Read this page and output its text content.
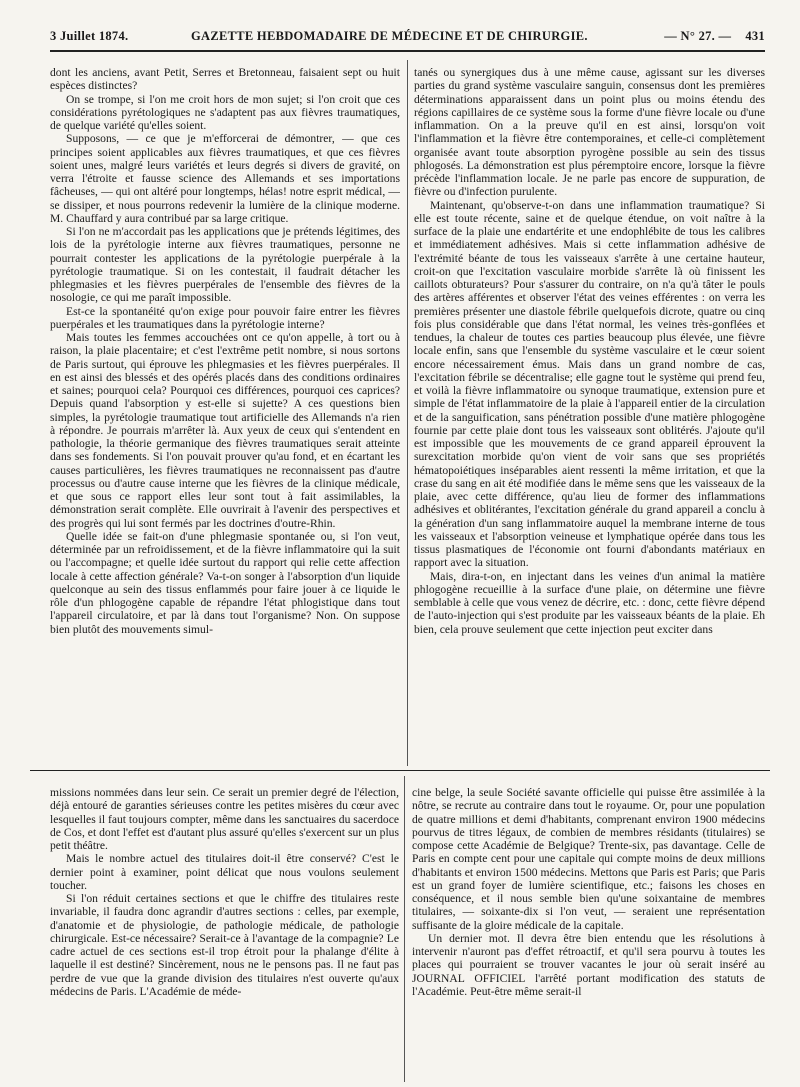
3 Juillet 1874.	GAZETTE HEBDOMADAIRE DE MÉDECINE ET DE CHIRURGIE.	— N° 27. — 431

dont les anciens, avant Petit, Serres et Bretonneau, faisaient sept ou huit espèces distinctes?

On se trompe, si l'on me croit hors de mon sujet; si l'on croit que ces considérations pyrétologiques ne s'adaptent pas aux fièvres traumatiques, de quelque variété qu'elles soient.

Supposons, — ce que je m'efforcerai de démontrer, — que ces principes soient applicables aux fièvres traumatiques, et que ces fièvres soient unes, malgré leurs variétés et leurs degrés si divers de gravité, on verra l'étroite et fausse science des Allemands et ses importations fâcheuses, — qui ont altéré pour longtemps, hélas! notre esprit médical, — se dissiper, et nous pourrons redevenir la lumière de la clinique moderne. M. Chauffard y aura contribué par sa large critique.

Si l'on ne m'accordait pas les applications que je prétends légitimes, des lois de la pyrétologie interne aux fièvres traumatiques, personne ne pourrait contester les applications de la pyrétologie puerpérale à la pyrétologie traumatique. Si on les contestait, il faudrait détacher les phlegmasies et les fièvres puerpérales de l'ensemble des fièvres de la nosologie, ce qui me paraît impossible.

Est-ce la spontanéité qu'on exige pour pouvoir faire entrer les fièvres puerpérales et les traumatiques dans la pyrétologie interne?

Mais toutes les femmes accouchées ont ce qu'on appelle, à tort ou à raison, la plaie placentaire; et c'est l'extrême petit nombre, si nous sortons de Paris surtout, qui éprouve les phlegmasies et les fièvres puerpérales. Il en est ainsi des blessés et des opérés placés dans des conditions ordinaires et saines; pourquoi cela? Pourquoi ces différences, pourquoi ces caprices? Depuis quand l'absorption y est-elle si sujette? A ces questions bien simples, la pyrétologie traumatique tout artificielle des Allemands n'a rien à répondre. Je pourrais m'arrêter là. Aux yeux de ceux qui s'entendent en pathologie, la théorie germanique des fièvres traumatiques serait atteinte dans ses fondements. Si l'on pouvait prouver qu'au fond, et en écartant les causes particulières, les fièvres traumatiques ne reconnaissent pas d'autre processus ou d'autre cause interne que les fièvres de la clinique médicale, et que sous ce rapport elles leur sont tout à fait assimilables, la démonstration serait complète. Elle ouvrirait à l'avenir des perspectives et des progrès qui lui sont fermés par les doctrines d'outre-Rhin.

Quelle idée se fait-on d'une phlegmasie spontanée ou, si l'on veut, déterminée par un refroidissement, et de la fièvre inflammatoire qui la suit ou l'accompagne; et quelle idée surtout du rapport qui relie cette affection locale à cette affection générale? Va-t-on songer à l'absorption d'un liquide quelconque au sein des tissus enflammés pour faire jouer à ce liquide le rôle d'un phlogogène capable de répandre l'état phlogistique dans tout l'appareil circulatoire, et par là dans tout l'organisme? Non. On suppose bien plutôt des mouvements simul-

tanés ou synergiques dus à une même cause, agissant sur les diverses parties du grand système vasculaire sanguin, consensus dont les premières déterminations apparaissent dans un point plus ou moins étendu des régions capillaires de ce système sous la forme d'une fièvre locale ou d'une inflammation. On a la preuve qu'il en est ainsi, lorsqu'on voit l'inflammation et la fièvre être contemporaines, et celle-ci complètement organisée avant toute absorption pyrogène possible au sein des tissus phlogosés. La démonstration est plus péremptoire encore, lorsque la fièvre précède l'inflammation locale. Je ne parle pas encore de suppuration, de fièvre ou d'infection purulente.

Maintenant, qu'observe-t-on dans une inflammation traumatique? Si elle est toute récente, saine et de quelque étendue, on voit naître à la surface de la plaie une endartérite et une endophlébite de tous les calibres et immédiatement adhésives. Mais si cette inflammation adhésive de l'extrémité béante de tous les vaisseaux s'arrête à une certaine hauteur, croit-on que l'excitation vasculaire morbide s'arrête là où finissent les caillots obturateurs? Pour s'assurer du contraire, on n'a qu'à tâter le pouls des artères afférentes et observer l'état des veines efférentes : on verra les premières présenter une diastole fébrile quelquefois dicrote, quatre ou cinq fois plus considérable que dans l'état normal, les veines très-gonflées et tendues, la chaleur de toutes ces parties beaucoup plus élevée, une fièvre locale enfin, sans que l'ensemble du système vasculaire et le cœur soient encore nécessairement émus. Mais dans un grand nombre de cas, l'excitation fébrile se décentralise; elle gagne tout le système qui prend feu, et voilà la fièvre inflammatoire ou synoque traumatique, extension pure et simple de l'état inflammatoire de la plaie à l'appareil entier de la circulation et de la sanguification, sans pénétration possible d'une matière phlogogène fournie par cette plaie dont tous les vaisseaux sont oblitérés. J'ajoute qu'il est impossible que les mouvements de ce grand appareil éprouvent la surexcitation morbide qu'on vient de voir sans que ses propriétés hématopoiétiques inséparables aient ressenti la même irritation, et que la crase du sang en ait été modifiée dans le même sens que les vaisseaux de la plaie, avec cette différence, qu'au lieu de former des inflammations adhésives et oblitérantes, l'excitation générale du grand appareil a conclu à la génération d'un sang inflammatoire auquel la membrane interne de tous les vaisseaux et l'absorption veineuse et lymphatique opérée dans tous les tissus plasmatiques de l'économie ont fourni d'abondants matériaux en rapport avec la situation.

Mais, dira-t-on, en injectant dans les veines d'un animal la matière phlogogène recueillie à la surface d'une plaie, on détermine une fièvre semblable à celle que vous venez de décrire, etc. : donc, cette fièvre dépend de l'auto-injection qui s'est produite par les vaisseaux béants de la plaie. Eh bien, cela prouve seulement que cette injection peut exciter dans

missions nommées dans leur sein. Ce serait un premier degré de l'élection, déjà entouré de garanties sérieuses contre les petites misères du cœur avec lesquelles il faut toujours compter, même dans les sanctuaires du sacerdoce de Cos, et dont l'effet est d'autant plus assuré qu'elles s'exercent sur un plus petit théâtre.

Mais le nombre actuel des titulaires doit-il être conservé? C'est le dernier point à examiner, point délicat que nous voulons seulement toucher.

Si l'on réduit certaines sections et que le chiffre des titulaires reste invariable, il faudra donc agrandir d'autres sections : celles, par exemple, d'anatomie et de physiologie, de pathologie médicale, de pathologie chirurgicale. Est-ce nécessaire? Serait-ce à l'avantage de la compagnie? Le cadre actuel de ces sections est-il trop étroit pour la phalange d'élite à laquelle il est destiné? Sincèrement, nous ne le pensons pas. Il ne faut pas perdre de vue que la grande division des titulaires n'est ouverte qu'aux médecins de Paris. L'Académie de méde-

cine belge, la seule Société savante officielle qui puisse être assimilée à la nôtre, se recrute au contraire dans tout le royaume. Or, pour une population de quatre millions et demi d'habitants, comprenant environ 1900 médecins pourvus de titres légaux, de combien de membres résidants (titulaires) se compose cette Académie de Belgique? Trente-six, pas davantage. Celle de Paris en compte cent pour une capitale qui compte moins de deux millions d'habitants et environ 1500 médecins. Mettons que Paris est Paris; que Paris est un grand foyer de lumière scientifique, etc.; faisons les choses en conséquence, et il nous semble bien qu'une soixantaine de membres titulaires, — soixante-dix si l'on veut, — seraient une représentation suffisante de la gloire médicale de la capitale.

Un dernier mot. Il devra être bien entendu que les résolutions à intervenir n'auront pas d'effet rétroactif, et qu'il sera pourvu à toutes les places qui pourraient se trouver vacantes le jour où serait inséré au JOURNAL OFFICIEL l'arrêté portant modification des statuts de l'Académie. Peut-être même serait-il
